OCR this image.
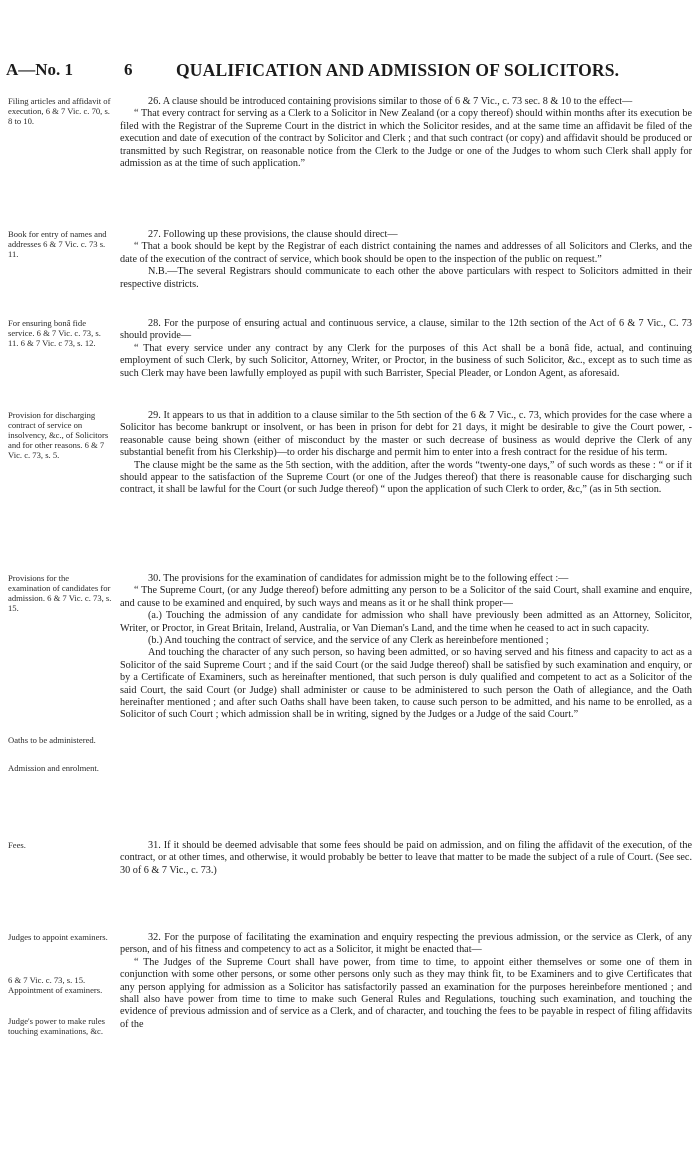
A—No. 1	6 QUALIFICATION AND ADMISSION OF SOLICITORS.
Filing articles and affidavit of execution, 6 & 7 Vic. c. 70, s. 8 to 10.

26. A clause should be introduced containing provisions similar to those of 6 & 7 Vic., c. 73 sec. 8 & 10 to the effect—

“ That every contract for serving as a Clerk to a Solicitor in New Zealand (or a copy thereof) should within months after its execution be filed with the Registrar of the Supreme Court in the district in which the Solicitor resides, and at the same time an affidavit be filed of the execution and date of execution of the contract by Solicitor and Clerk ; and that such contract (or copy) and affidavit should be produced or transmitted by such Registrar, on reasonable notice from the Clerk to the Judge or one of the Judges to whom such Clerk shall apply for admission as at the time of such application.”

Book for entry of names and addresses 6 & 7 Vic. c. 73 s. 11.

27. Following up these provisions, the clause should direct—

“ That a book should be kept by the Registrar of each district containing the names and addresses of all Solicitors and Clerks, and the date of the execution of the contract of service, which book should be open to the inspection of the public on request.”

N.B.—The several Registrars should communicate to each other the above particulars with respect to Solicitors admitted in their respective districts.

For ensuring bonâ fide service. 6 & 7 Vic. c. 73, s. 11. 6 & 7 Vic. c 73, s. 12.

28. For the purpose of ensuring actual and continuous service, a clause, similar to the 12th section of the Act of 6 & 7 Vic., C. 73 should provide—

“ That every service under any contract by any Clerk for the purposes of this Act shall be a bonâ fide, actual, and continuing employment of such Clerk, by such Solicitor, Attorney, Writer, or Proctor, in the business of such Solicitor, &c., except as to such time as such Clerk may have been lawfully employed as pupil with such Barrister, Special Pleader, or London Agent, as aforesaid.

Provision for discharging contract of service on insolvency, &c., of Solicitors and for other reasons. 6 & 7 Vic. c. 73, s. 5.

29. It appears to us that in addition to a clause similar to the 5th section of the 6 & 7 Vic., c. 73, which provides for the case where a Solicitor has become bankrupt or insolvent, or has been in prison for debt for 21 days, it might be desirable to give the Court power, - reasonable cause being shown (either of misconduct by the master or such decrease of business as would deprive the Clerk of any substantial benefit from his Clerkship)—to order his discharge and permit him to enter into a fresh contract for the residue of his term.

The clause might be the same as the 5th section, with the addition, after the words “twenty-one days,” of such words as these : “ or if it should appear to the satisfaction of the Supreme Court (or one of the Judges thereof) that there is reasonable cause for discharging such contract, it shall be lawful for the Court (or such Judge thereof) “ upon the application of such Clerk to order, &c,” (as in 5th section.

Provisions for the examination of candidates for admission. 6 & 7 Vic. c. 73, s. 15.
Oaths to be administered.
Admission and enrolment.

30. The provisions for the examination of candidates for admission might be to the following effect :—

“ The Supreme Court, (or any Judge thereof) before admitting any person to be a Solicitor of the said Court, shall examine and enquire, and cause to be examined and enquired, by such ways and means as it or he shall think proper—

(a.) Touching the admission of any candidate for admission who shall have previously been admitted as an Attorney, Solicitor, Writer, or Proctor, in Great Britain, Ireland, Australia, or Van Dieman's Land, and the time when he ceased to act in such capacity.

(b.) And touching the contract of service, and the service of any Clerk as hereinbefore mentioned ;

And touching the character of any such person, so having been admitted, or so having served and his fitness and capacity to act as a Solicitor of the said Supreme Court ; and if the said Court (or the said Judge thereof) shall be satisfied by such examination and enquiry, or by a Certificate of Examiners, such as hereinafter mentioned, that such person is duly qualified and competent to act as a Solicitor of the said Court, the said Court (or Judge) shall administer or cause to be administered to such person the Oath of allegiance, and the Oath hereinafter mentioned ; and after such Oaths shall have been taken, to cause such person to be admitted, and his name to be enrolled, as a Solicitor of such Court ; which admission shall be in writing, signed by the Judges or a Judge of the said Court.”

Fees.	31. If it should be deemed advisable that some fees should be paid on admission, and on filing the affidavit of the execution, of the contract, or at other times, and otherwise, it would probably be better to leave that matter to be made the subject of a rule of Court. (See sec. 30 of 6 & 7 Vic., c. 73.)

Judges to appoint examiners.
6 & 7 Vic. c. 73, s. 15. Appointment of examiners.
Judge's power to make rules touching examinations, &c.

32. For the purpose of facilitating the examination and enquiry respecting the previous admission, or the service as Clerk, of any person, and of his fitness and competency to act as a Solicitor, it might be enacted that—

“ The Judges of the Supreme Court shall have power, from time to time, to appoint either themselves or some one of them in conjunction with some other persons, or some other persons only such as they may think fit, to be Examiners and to give Certificates that any person applying for admission as a Solicitor has satisfactorily passed an examination for the purposes hereinbefore mentioned ; and shall also have power from time to time to make such General Rules and Regulations, touching such examination, and touching the evidence of previous admission and of service as a Clerk, and of character, and touching the fees to be payable in respect of filing affidavits of the
